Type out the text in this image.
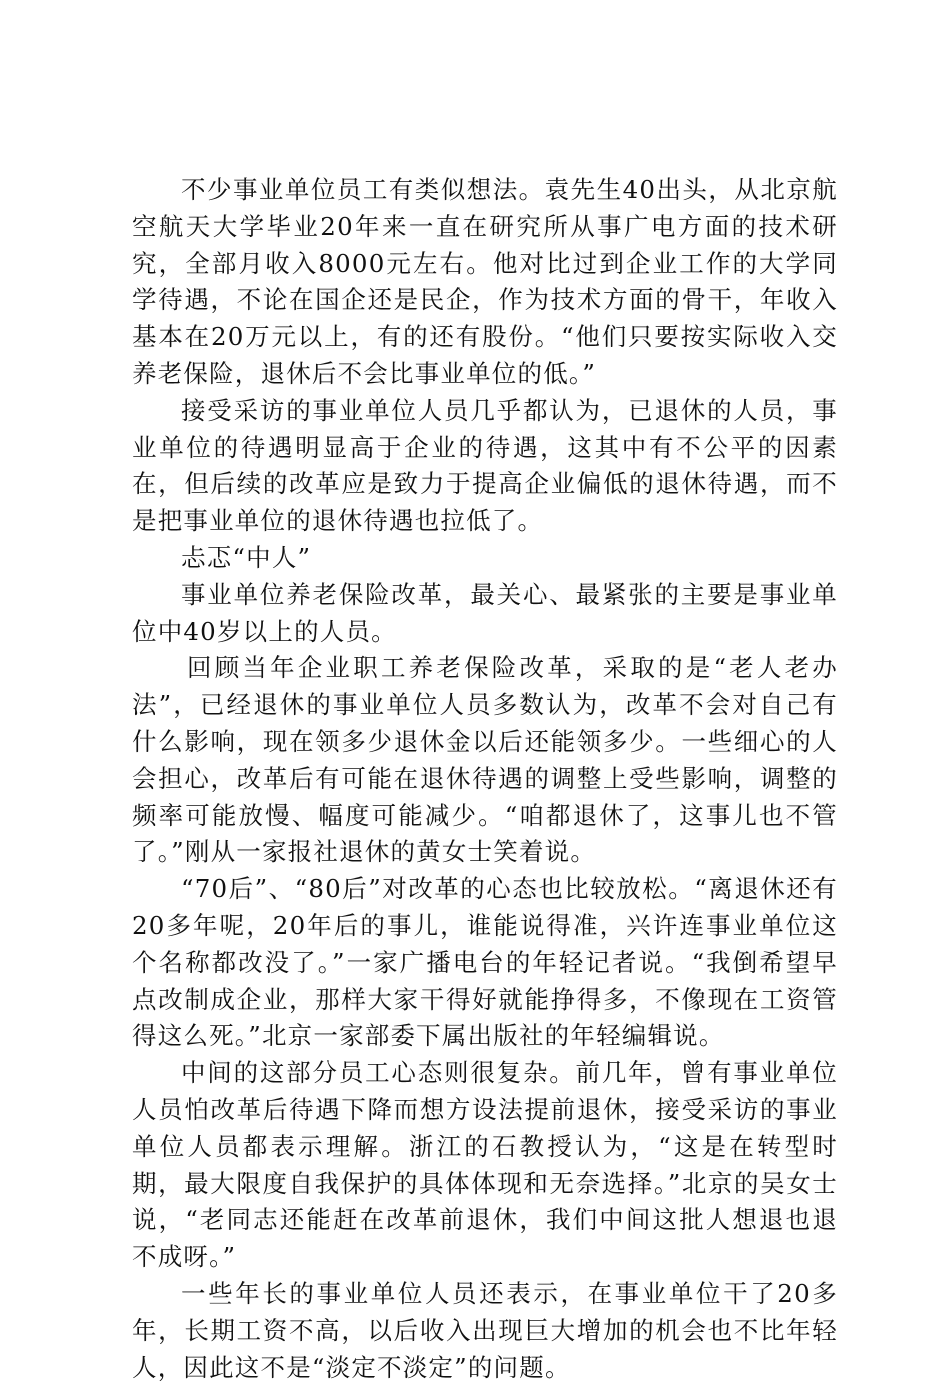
不少事业单位员工有类似想法。袁先生40出头，从北京航空航天大学毕业20年来一直在研究所从事广电方面的技术研究，全部月收入8000元左右。他对比过到企业工作的大学同学待遇，不论在国企还是民企，作为技术方面的骨干，年收入基本在20万元以上，有的还有股份。“他们只要按实际收入交养老保险，退休后不会比事业单位的低。”

接受采访的事业单位人员几乎都认为，已退休的人员，事业单位的待遇明显高于企业的待遇，这其中有不公平的因素在，但后续的改革应是致力于提高企业偏低的退休待遇，而不是把事业单位的退休待遇也拉低了。

忐忑“中人”

事业单位养老保险改革，最关心、最紧张的主要是事业单位中40岁以上的人员。

回顾当年企业职工养老保险改革，采取的是“老人老办法”，已经退休的事业单位人员多数认为，改革不会对自己有什么影响，现在领多少退休金以后还能领多少。一些细心的人会担心，改革后有可能在退休待遇的调整上受些影响，调整的频率可能放慢、幅度可能减少。“咱都退休了，这事儿也不管了。”刚从一家报社退休的黄女士笑着说。

“70后”、“80后”对改革的心态也比较放松。“离退休还有20多年呢，20年后的事儿，谁能说得准，兴许连事业单位这个名称都改没了。”一家广播电台的年轻记者说。“我倒希望早点改制成企业，那样大家干得好就能挣得多，不像现在工资管得这么死。”北京一家部委下属出版社的年轻编辑说。

中间的这部分员工心态则很复杂。前几年，曾有事业单位人员怕改革后待遇下降而想方设法提前退休，接受采访的事业单位人员都表示理解。浙江的石教授认为，“这是在转型时期，最大限度自我保护的具体体现和无奈选择。”北京的吴女士说，“老同志还能赶在改革前退休，我们中间这批人想退也退不成呀。”

一些年长的事业单位人员还表示，在事业单位干了20多年，长期工资不高，以后收入出现巨大增加的机会也不比年轻人，因此这不是“淡定不淡定”的问题。
